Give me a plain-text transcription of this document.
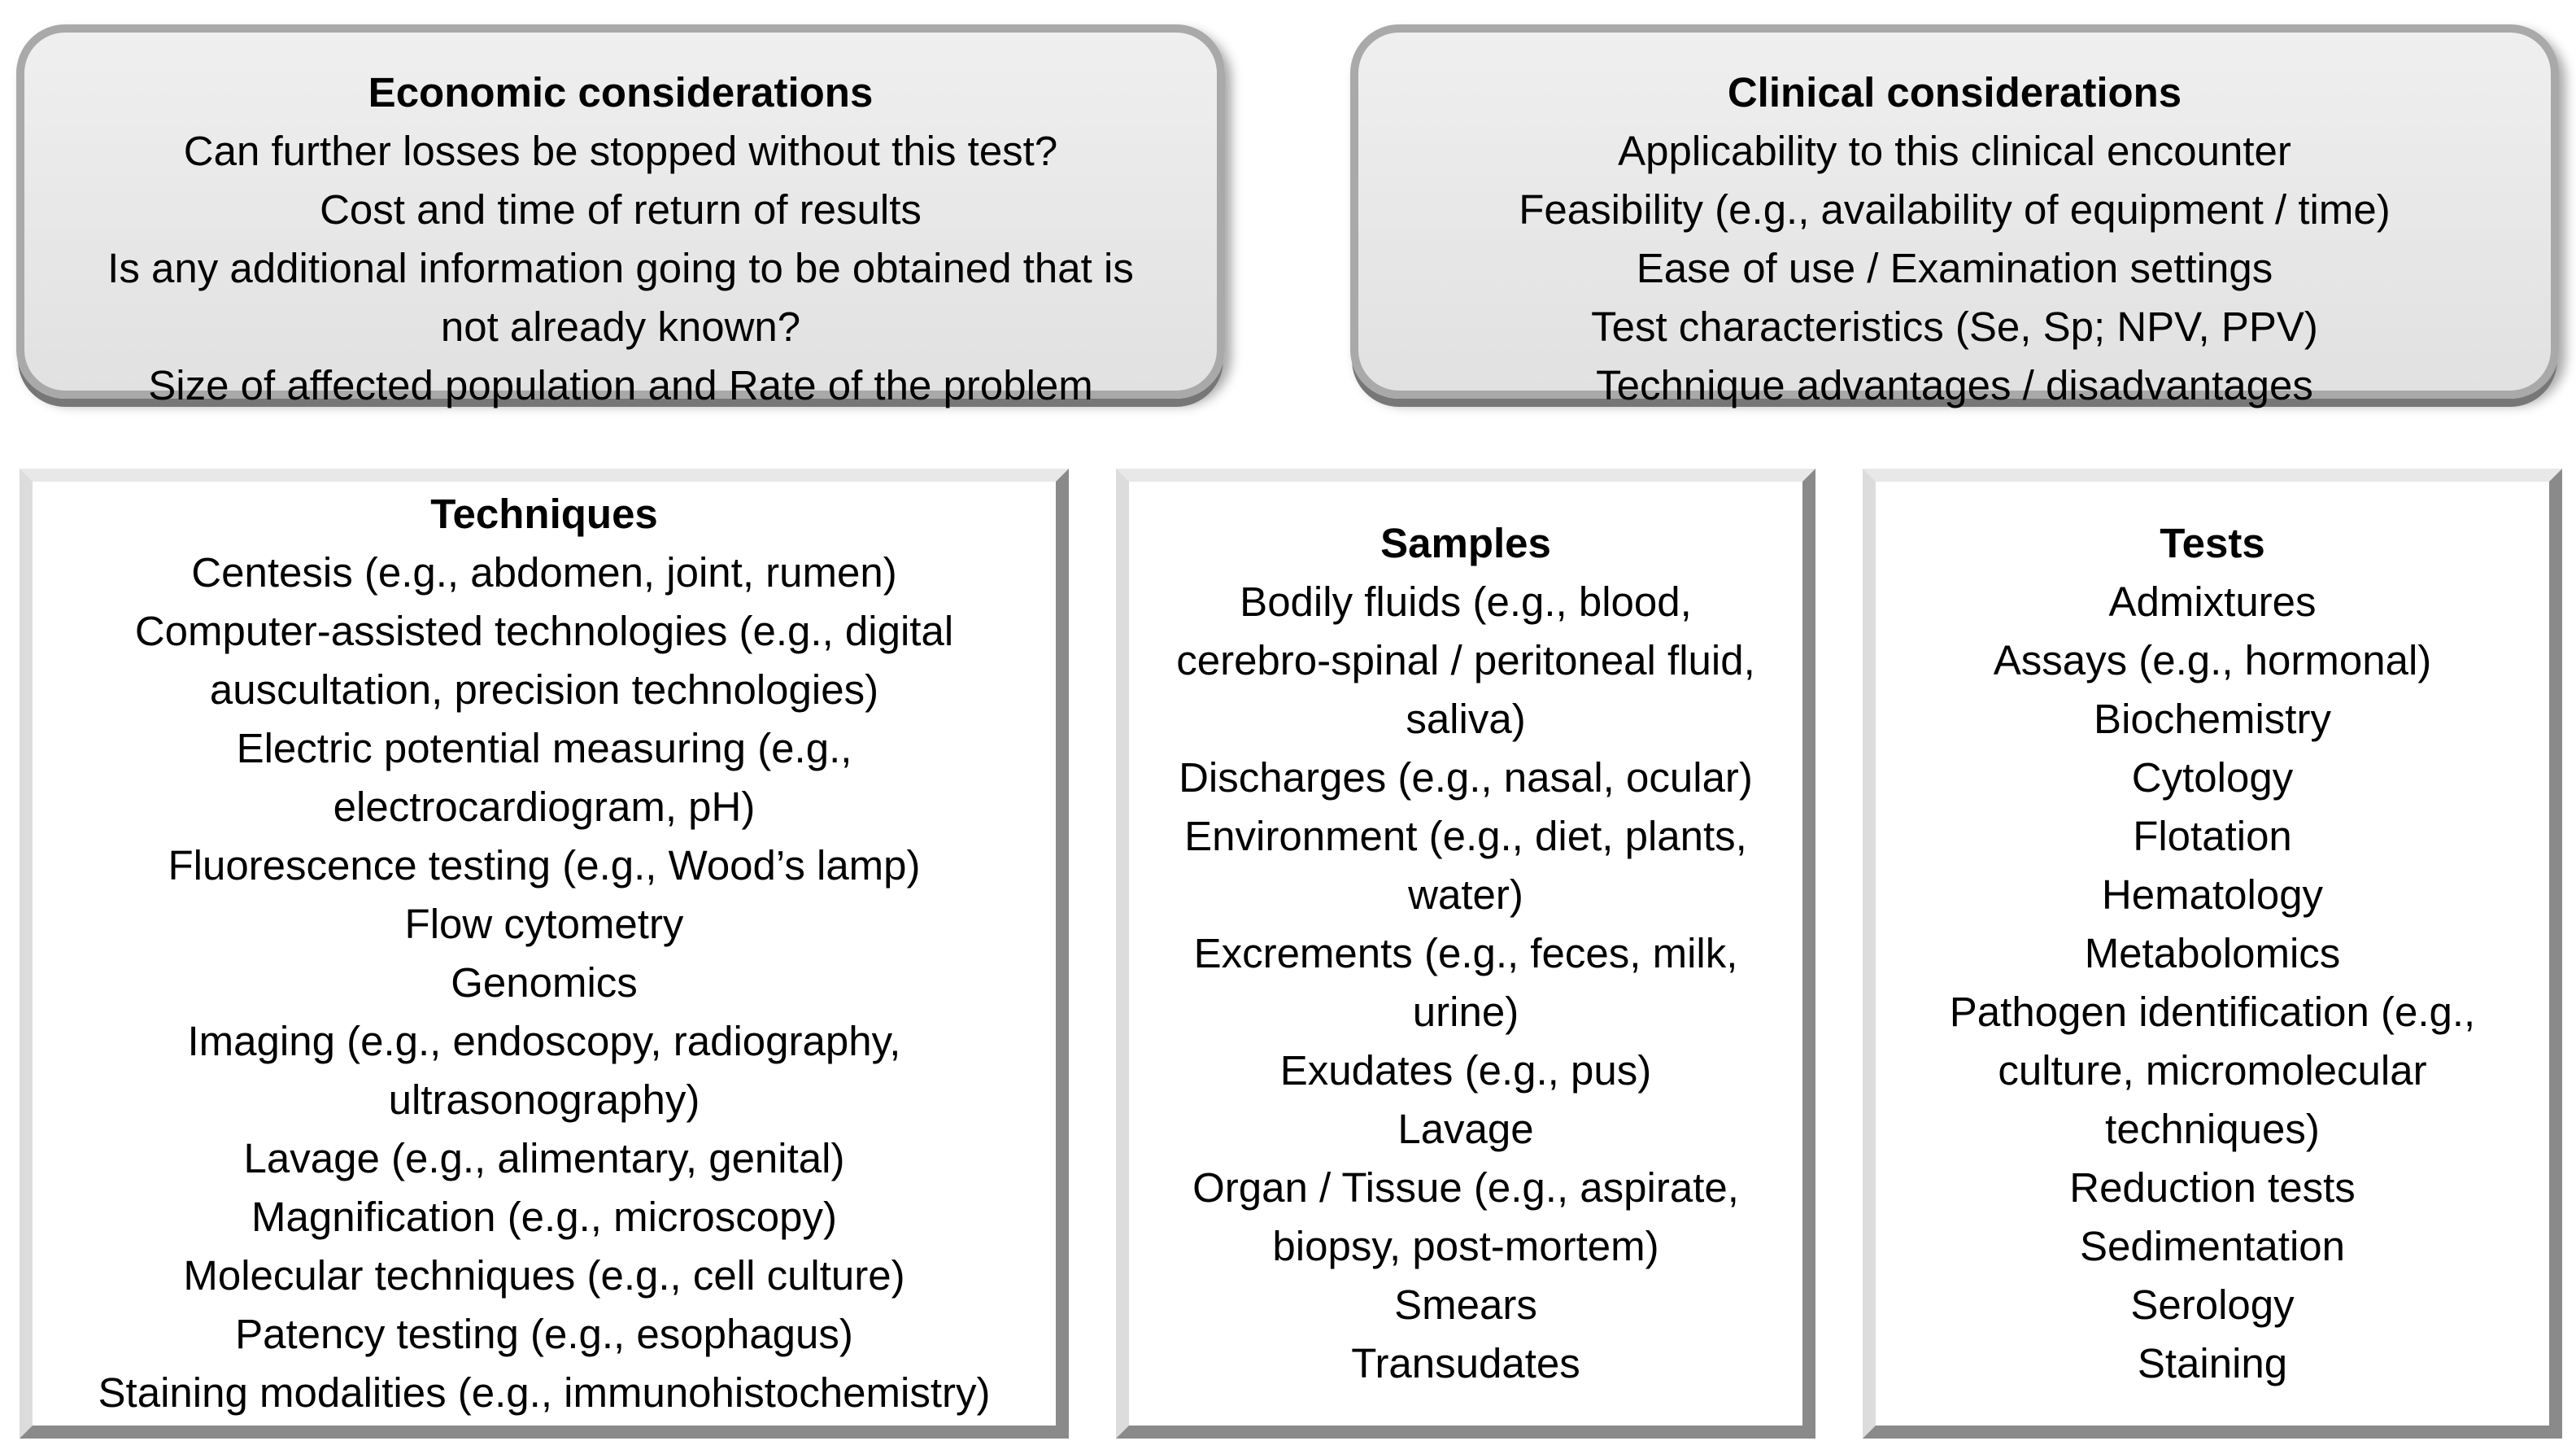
Economic considerations
Can further losses be stopped without this test?
Cost and time of return of results
Is any additional information going to be obtained that is
not already known?
Size of affected population and Rate of the problem
Clinical considerations
Applicability to this clinical encounter
Feasibility (e.g., availability of equipment / time)
Ease of use / Examination settings
Test characteristics (Se, Sp; NPV, PPV)
Technique advantages / disadvantages
Techniques
Centesis (e.g., abdomen, joint, rumen)
Computer-assisted technologies (e.g., digital
auscultation, precision technologies)
Electric potential measuring (e.g.,
electrocardiogram, pH)
Fluorescence testing (e.g., Wood’s lamp)
Flow cytometry
Genomics
Imaging (e.g., endoscopy, radiography,
ultrasonography)
Lavage (e.g., alimentary, genital)
Magnification (e.g., microscopy)
Molecular techniques (e.g., cell culture)
Patency testing (e.g., esophagus)
Staining modalities (e.g., immunohistochemistry)
Samples
Bodily fluids (e.g., blood,
cerebro-spinal / peritoneal fluid,
saliva)
Discharges (e.g., nasal, ocular)
Environment (e.g., diet, plants,
water)
Excrements (e.g., feces, milk,
urine)
Exudates (e.g., pus)
Lavage
Organ / Tissue (e.g., aspirate,
biopsy, post-mortem)
Smears
Transudates
Tests
Admixtures
Assays (e.g., hormonal)
Biochemistry
Cytology
Flotation
Hematology
Metabolomics
Pathogen identification (e.g.,
culture, micromolecular
techniques)
Reduction tests
Sedimentation
Serology
Staining
